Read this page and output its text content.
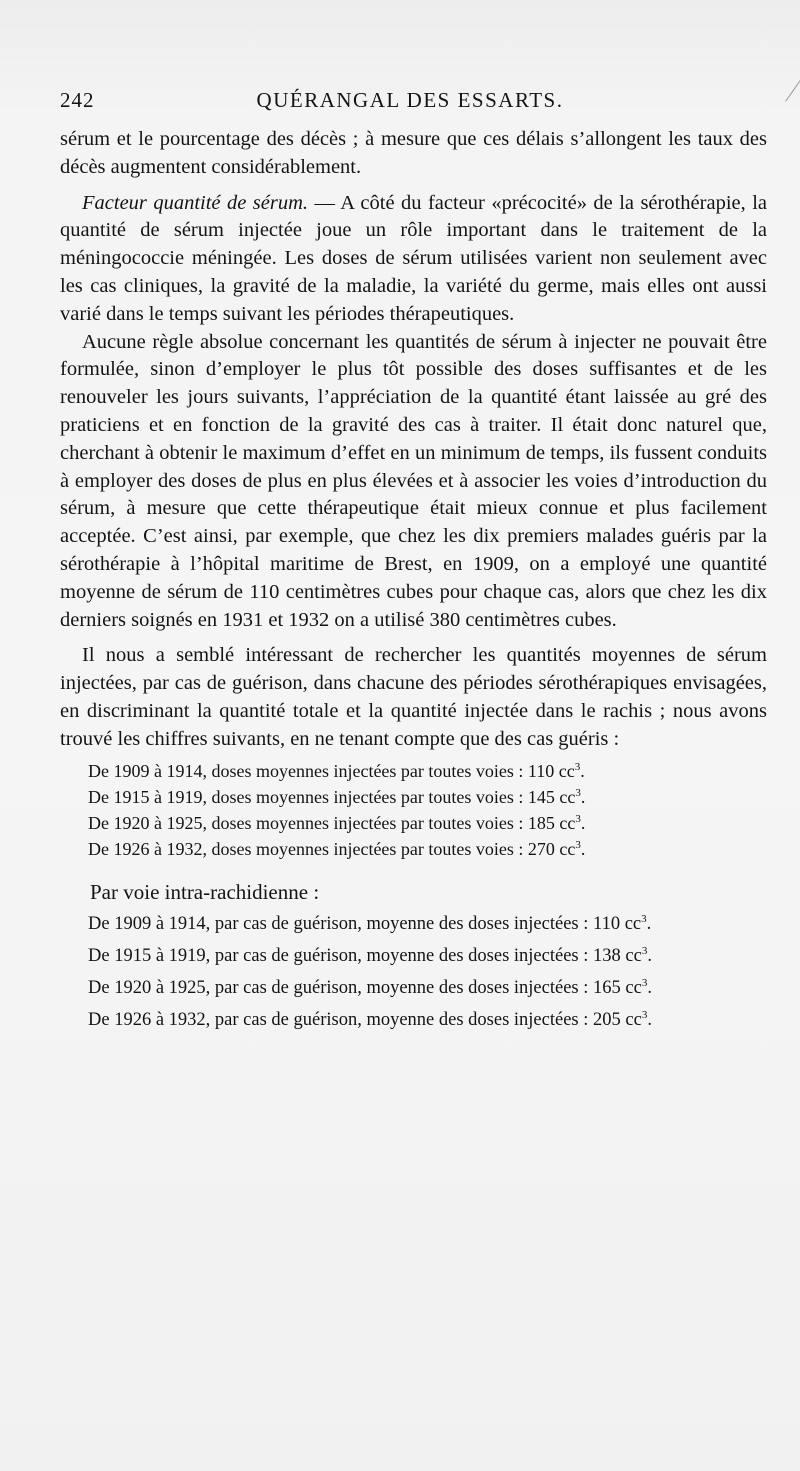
242	QUÉRANGAL DES ESSARTS.

sérum et le pourcentage des décès ; à mesure que ces délais s’allongent les taux des décès augmentent considérablement.

Facteur quantité de sérum. — A côté du facteur «précocité» de la sérothérapie, la quantité de sérum injectée joue un rôle important dans le traitement de la méningococcie méningée. Les doses de sérum utilisées varient non seulement avec les cas cliniques, la gravité de la maladie, la variété du germe, mais elles ont aussi varié dans le temps suivant les périodes thérapeutiques.

Aucune règle absolue concernant les quantités de sérum à injecter ne pouvait être formulée, sinon d’employer le plus tôt possible des doses suffisantes et de les renouveler les jours suivants, l’appréciation de la quantité étant laissée au gré des praticiens et en fonction de la gravité des cas à traiter. Il était donc naturel que, cherchant à obtenir le maximum d’effet en un minimum de temps, ils fussent conduits à employer des doses de plus en plus élevées et à associer les voies d’introduction du sérum, à mesure que cette thérapeutique était mieux connue et plus facilement acceptée. C’est ainsi, par exemple, que chez les dix premiers malades guéris par la sérothérapie à l’hôpital maritime de Brest, en 1909, on a employé une quantité moyenne de sérum de 110 centimètres cubes pour chaque cas, alors que chez les dix derniers soignés en 1931 et 1932 on a utilisé 380 centimètres cubes.

Il nous a semblé intéressant de rechercher les quantités moyennes de sérum injectées, par cas de guérison, dans chacune des périodes sérothérapiques envisagées, en discriminant la quantité totale et la quantité injectée dans le rachis ; nous avons trouvé les chiffres suivants, en ne tenant compte que des cas guéris :

De 1909 à 1914, doses moyennes injectées par toutes voies : 110 $cc^3$.
De 1915 à 1919, doses moyennes injectées par toutes voies : 145 $cc^3$.
De 1920 à 1925, doses moyennes injectées par toutes voies : 185 $cc^3$.
De 1926 à 1932, doses moyennes injectées par toutes voies : 270 $cc^3$.
Par voie intra-rachidienne :

De 1909 à 1914, par cas de guérison, moyenne des doses injectées : 110 $cc^3$.

De 1915 à 1919, par cas de guérison, moyenne des doses injectées : 138 $cc^3$.

De 1920 à 1925, par cas de guérison, moyenne des doses injectées : 165 $cc^3$.

De 1926 à 1932, par cas de guérison, moyenne des doses injectées : 205 $cc^3$.
